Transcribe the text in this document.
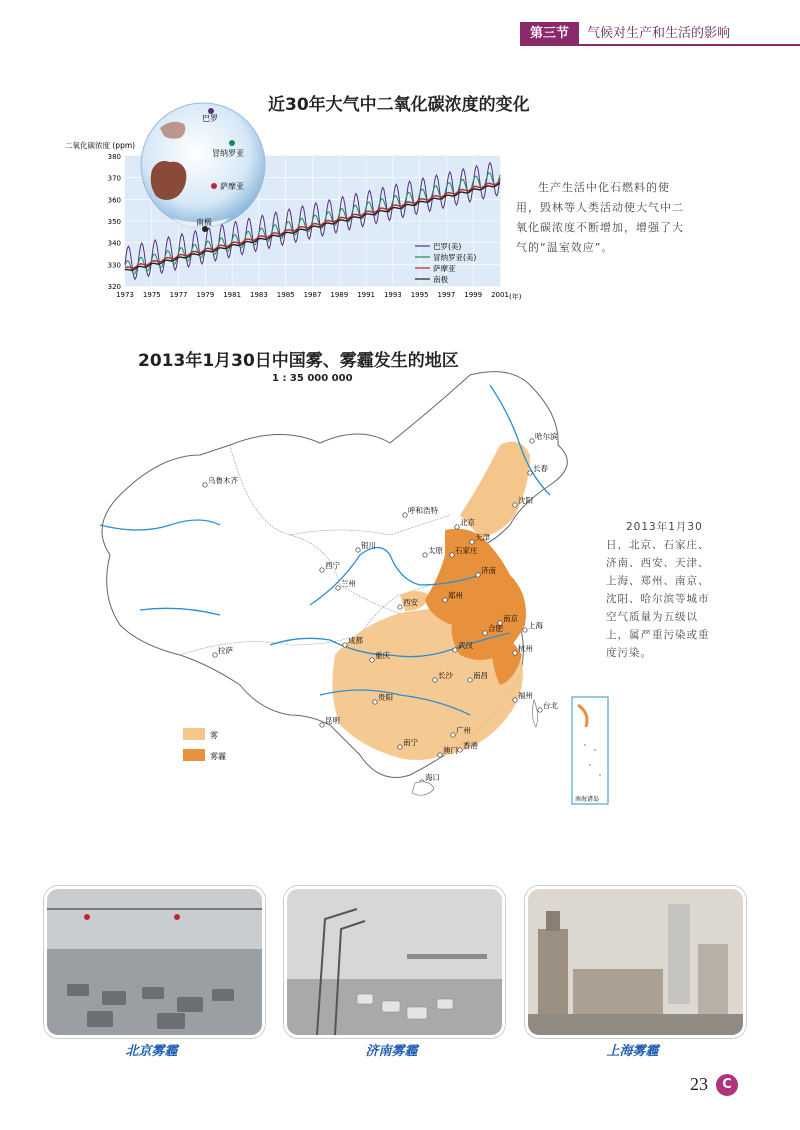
第三节	气候对生产和生活的影响
近30年大气中二氧化碳浓度的变化
二氧化碳浓度 (ppm)
380
370
360
350
340
330
320
1973 1975 1977 1979 1981 1983 1985 1987 1989 1991 1993 1995 1997 1999 2001 (年)
巴罗(美)
冒纳罗亚(美)
萨摩亚
南极
巴罗
冒纳罗亚
萨摩亚
南极
生产生活中化石燃料的使
用，毁林等人类活动使大气中二
氧化碳浓度不断增加，增强了大
气的“温室效应”。
2013年1月30日中国雾、雾霾发生的地区
1 : 35 000 000
哈尔滨
长春
沈阳
乌鲁木齐
呼和浩特
北京
天津
银川
太原 石家庄
西宁
兰州
济南
西安
郑州
南京
合肥	上海
成都
武汉	杭州
重庆
拉萨
长沙	南昌
贵阳	福州
台北
昆明
南宁
广州
澳门
香港
海口
雾
雾霾
南海诸岛
2013年1月30
日，北京、石家庄、
济南、西安、天津、
上海、郑州、南京、
沈阳、哈尔滨等城市
空气质量为五级以
上，属严重污染或重
度污染。
北京雾霾	济南雾霾	上海雾霾
23	C
